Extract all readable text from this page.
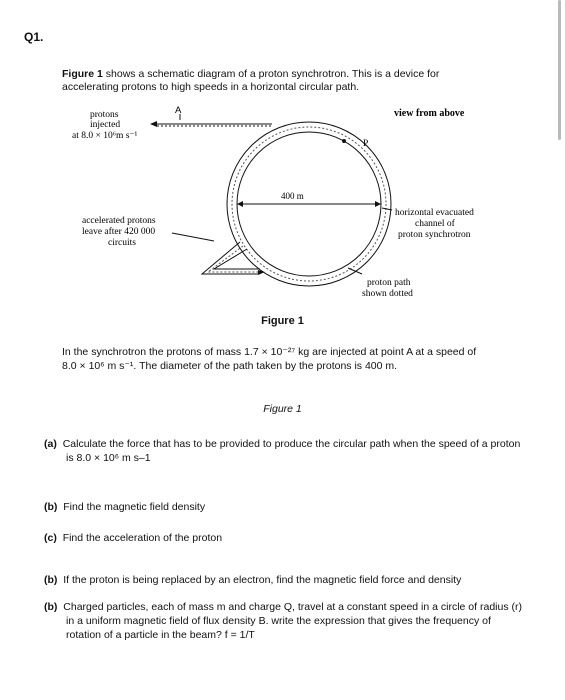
Q1.
Figure 1 shows a schematic diagram of a proton synchrotron. This is a device for
accelerating protons to high speeds in a horizontal circular path.
protons
injected
at 8.0 × 10⁶m s⁻¹
A	view from above
P
400 m
accelerated protons
leave after 420 000
circuits
horizontal evacuated
channel of
proton synchrotron
proton path
shown dotted
Figure 1
In the synchrotron the protons of mass 1.7 × 10⁻²⁷ kg are injected at point A at a speed of
8.0 × 10⁶ m s⁻¹. The diameter of the path taken by the protons is 400 m.
Figure 1
(a) Calculate the force that has to be provided to produce the circular path when the speed of a proton
is 8.0 × 10⁶ m s–1
(b) Find the magnetic field density
(c) Find the acceleration of the proton
(b) If the proton is being replaced by an electron, find the magnetic field force and density
(b) Charged particles, each of mass m and charge Q, travel at a constant speed in a circle of radius (r)
in a uniform magnetic field of flux density B. write the expression that gives the frequency of
rotation of a particle in the beam? f = 1/T
